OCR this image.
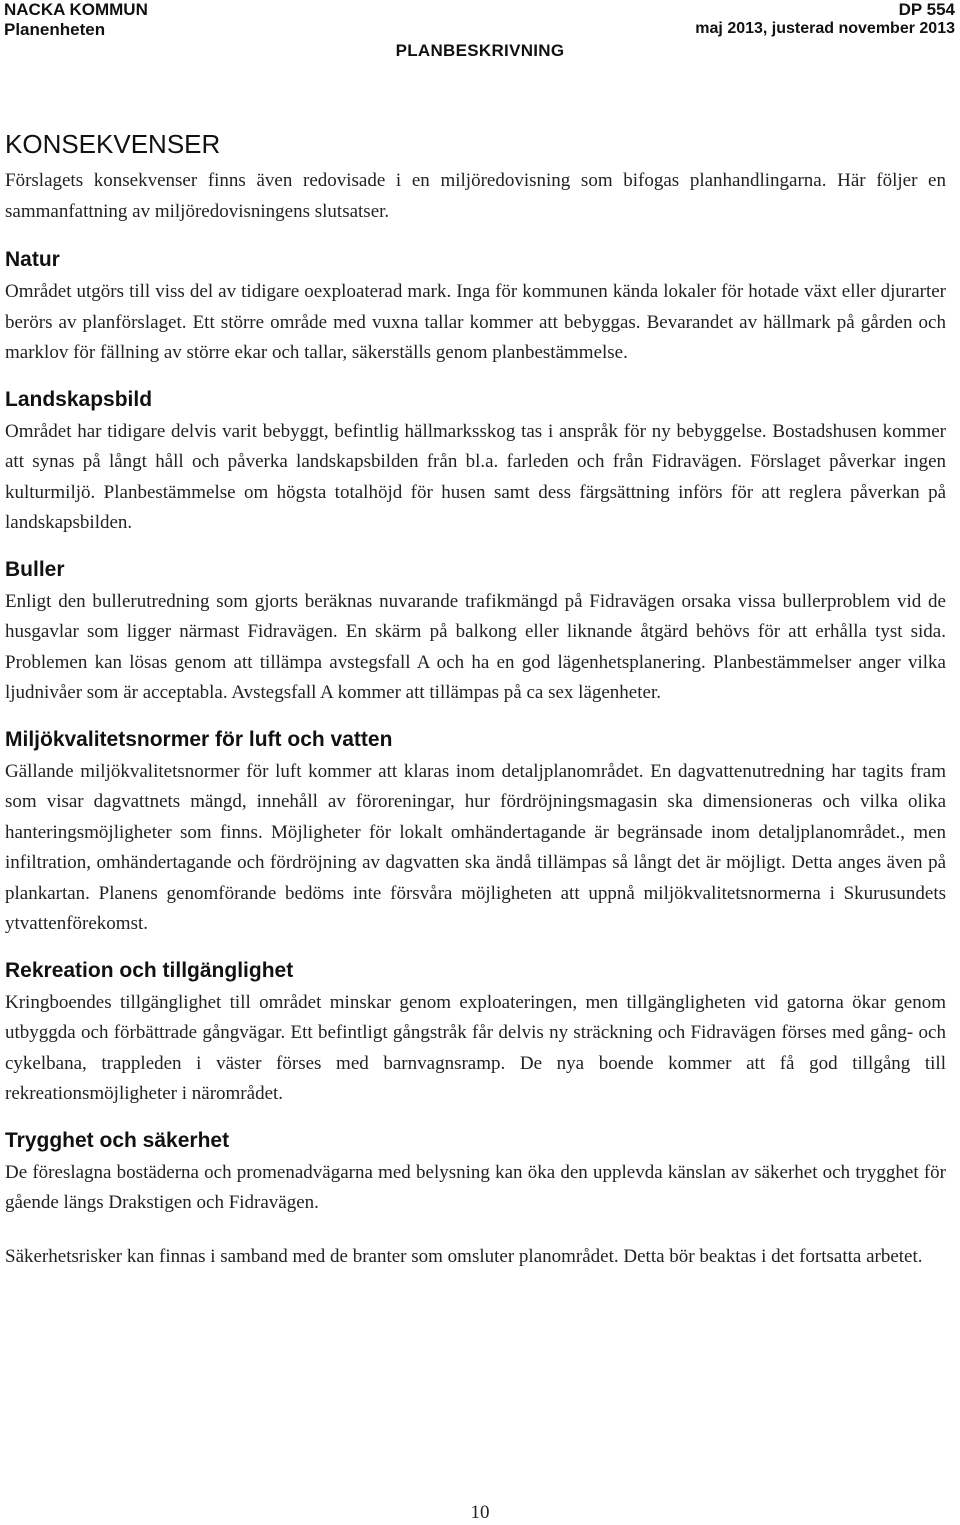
NACKA KOMMUN
Planenheten
DP 554
maj 2013, justerad november 2013
PLANBESKRIVNING
KONSEKVENSER

Förslagets konsekvenser finns även redovisade i en miljöredovisning som bifogas planhandlingarna. Här följer en sammanfattning av miljöredovisningens slutsatser.

Natur

Området utgörs till viss del av tidigare oexploaterad mark. Inga för kommunen kända lokaler för hotade växt eller djurarter berörs av planförslaget. Ett större område med vuxna tallar kommer att bebyggas. Bevarandet av hällmark på gården och marklov för fällning av större ekar och tallar, säkerställs genom planbestämmelse.

Landskapsbild

Området har tidigare delvis varit bebyggt, befintlig hällmarksskog tas i anspråk för ny bebyggelse. Bostadshusen kommer att synas på långt håll och påverka landskapsbilden från bl.a. farleden och från Fidravägen. Förslaget påverkar ingen kulturmiljö. Planbestämmelse om högsta totalhöjd för husen samt dess färgsättning införs för att reglera påverkan på landskapsbilden.

Buller

Enligt den bullerutredning som gjorts beräknas nuvarande trafikmängd på Fidravägen orsaka vissa bullerproblem vid de husgavlar som ligger närmast Fidravägen. En skärm på balkong eller liknande åtgärd behövs för att erhålla tyst sida. Problemen kan lösas genom att tillämpa avstegsfall A och ha en god lägenhetsplanering. Planbestämmelser anger vilka ljudnivåer som är acceptabla. Avstegsfall A kommer att tillämpas på ca sex lägenheter.

Miljökvalitetsnormer för luft och vatten

Gällande miljökvalitetsnormer för luft kommer att klaras inom detaljplanområdet. En dagvattenutredning har tagits fram som visar dagvattnets mängd, innehåll av föroreningar, hur fördröjningsmagasin ska dimensioneras och vilka olika hanteringsmöjligheter som finns. Möjligheter för lokalt omhändertagande är begränsade inom detaljplanområdet., men infiltration, omhändertagande och fördröjning av dagvatten ska ändå tillämpas så långt det är möjligt. Detta anges även på plankartan. Planens genomförande bedöms inte försvåra möjligheten att uppnå miljökvalitetsnormerna i Skurusundets ytvattenförekomst.

Rekreation och tillgänglighet

Kringboendes tillgänglighet till området minskar genom exploateringen, men tillgängligheten vid gatorna ökar genom utbyggda och förbättrade gångvägar. Ett befintligt gångstråk får delvis ny sträckning och Fidravägen förses med gång- och cykelbana, trappleden i väster förses med barnvagnsramp. De nya boende kommer att få god tillgång till rekreationsmöjligheter i närområdet.

Trygghet och säkerhet

De föreslagna bostäderna och promenadvägarna med belysning kan öka den upplevda känslan av säkerhet och trygghet för gående längs Drakstigen och Fidravägen.

Säkerhetsrisker kan finnas i samband med de branter som omsluter planområdet. Detta bör beaktas i det fortsatta arbetet.

10
